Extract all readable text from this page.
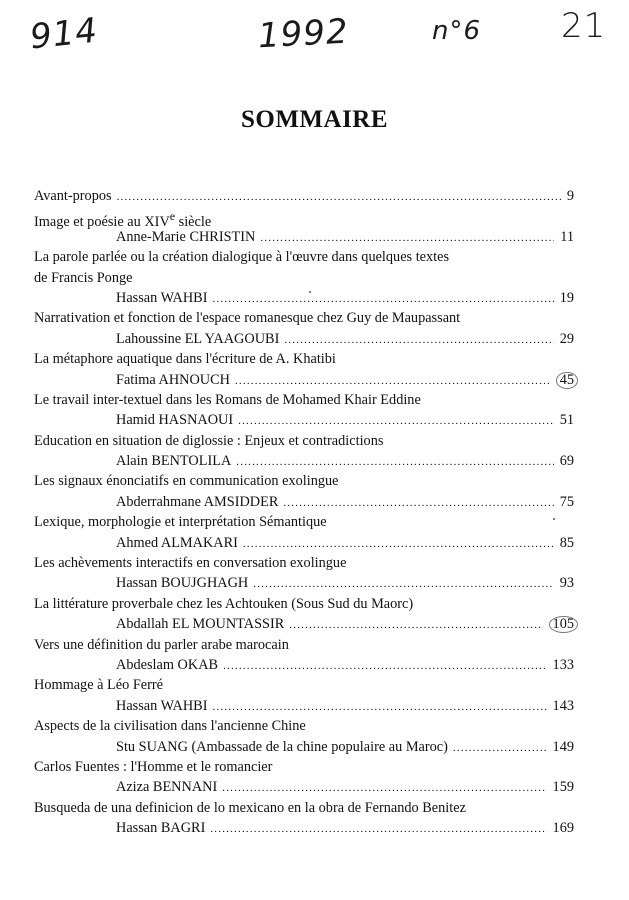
914	1992	n°6 21
SOMMAIRE
Avant-propos .....	9
Image et poésie au XIVe siècle
Anne-Marie CHRISTIN .....	11
La parole parlée ou la création dialogique à l'œuvre dans quelques textes
de Francis Ponge
Hassan WAHBI .....	19
Narrativation et fonction de l'espace romanesque chez Guy de Maupassant
Lahoussine EL YAAGOUBI .....	29
La métaphore aquatique dans l'écriture de A. Khatibi
Fatima AHNOUCH .....	45
Le travail inter-textuel dans les Romans de Mohamed Khair Eddine
Hamid HASNAOUI .....	51
Education en situation de diglossie : Enjeux et contradictions
Alain BENTOLILA .....	69
Les signaux énonciatifs en communication exolingue
Abderrahmane AMSIDDER .....	75
Lexique, morphologie et interprétation Sémantique
Ahmed ALMAKARI .....	85
Les achèvements interactifs en conversation exolingue
Hassan BOUJGHAGH .....	93
La littérature proverbale chez les Achtouken (Sous Sud du Maorc)
Abdallah EL MOUNTASSIR .....	105
Vers une définition du parler arabe marocain
Abdeslam OKAB .....	133
Hommage à Léo Ferré
Hassan WAHBI .....	143
Aspects de la civilisation dans l'ancienne Chine
Stu SUANG (Ambassade de la chine populaire au Maroc) .....	149
Carlos Fuentes : l'Homme et le romancier
Aziza BENNANI .....	159
Busqueda de una definicion de lo mexicano en la obra de Fernando Benitez
Hassan BAGRI .....	169
